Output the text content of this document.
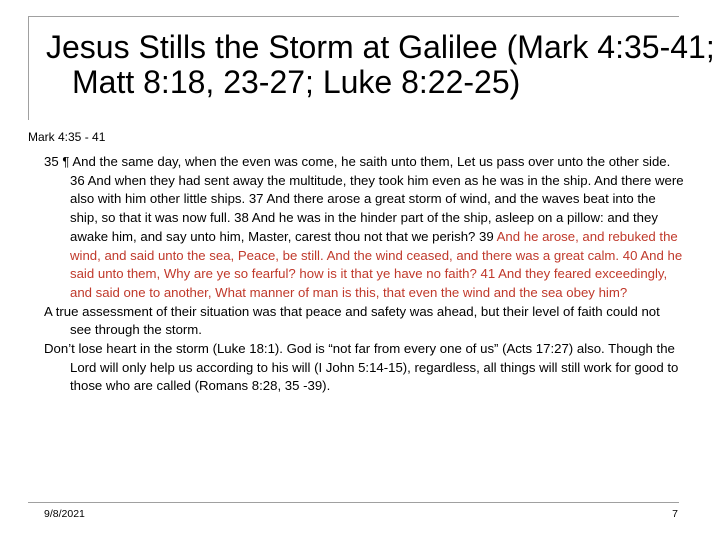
Jesus Stills the Storm at Galilee (Mark 4:35-41; Matt 8:18, 23-27; Luke 8:22-25)
Mark 4:35 - 41

35 ¶ And the same day, when the even was come, he saith unto them, Let us pass over unto the other side. 36 And when they had sent away the multitude, they took him even as he was in the ship. And there were also with him other little ships. 37 And there arose a great storm of wind, and the waves beat into the ship, so that it was now full. 38 And he was in the hinder part of the ship, asleep on a pillow: and they awake him, and say unto him, Master, carest thou not that we perish? 39 And he arose, and rebuked the wind, and said unto the sea, Peace, be still. And the wind ceased, and there was a great calm. 40 And he said unto them, Why are ye so fearful? how is it that ye have no faith? 41 And they feared exceedingly, and said one to another, What manner of man is this, that even the wind and the sea obey him?

A true assessment of their situation was that peace and safety was ahead, but their level of faith could not see through the storm.

Don’t lose heart in the storm (Luke 18:1). God is “not far from every one of us” (Acts 17:27) also. Though the Lord will only help us according to his will (I John 5:14-15), regardless, all things will still work for good to those who are called (Romans 8:28, 35 -39).

9/8/2021	7
